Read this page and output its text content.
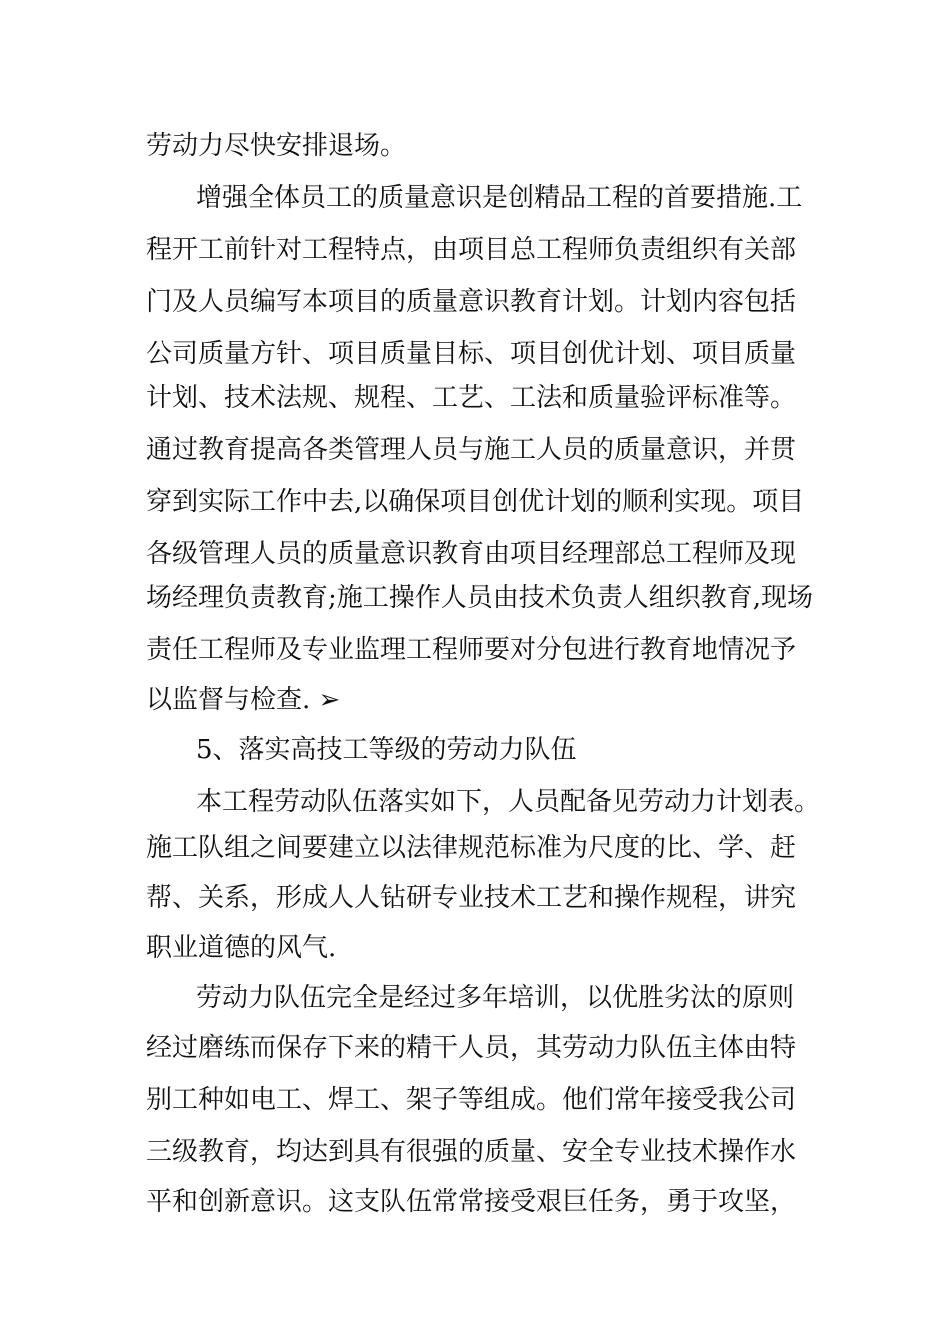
劳动力尽快安排退场。
增强全体员工的质量意识是创精品工程的首要措施.工
程开工前针对工程特点，由项目总工程师负责组织有关部
门及人员编写本项目的质量意识教育计划。计划内容包括
公司质量方针、项目质量目标、项目创优计划、项目质量
计划、技术法规、规程、工艺、工法和质量验评标准等。
通过教育提高各类管理人员与施工人员的质量意识，并贯
穿到实际工作中去,以确保项目创优计划的顺利实现。项目
各级管理人员的质量意识教育由项目经理部总工程师及现
场经理负责教育;施工操作人员由技术负责人组织教育,现场
责任工程师及专业监理工程师要对分包进行教育地情况予
以监督与检查. ➢
5、落实高技工等级的劳动力队伍
本工程劳动队伍落实如下，人员配备见劳动力计划表。
施工队组之间要建立以法律规范标准为尺度的比、学、赶
帮、关系，形成人人钻研专业技术工艺和操作规程，讲究
职业道德的风气.
劳动力队伍完全是经过多年培训，以优胜劣汰的原则
经过磨练而保存下来的精干人员，其劳动力队伍主体由特
别工种如电工、焊工、架子等组成。他们常年接受我公司
三级教育，均达到具有很强的质量、安全专业技术操作水
平和创新意识。这支队伍常常接受艰巨任务，勇于攻坚，
